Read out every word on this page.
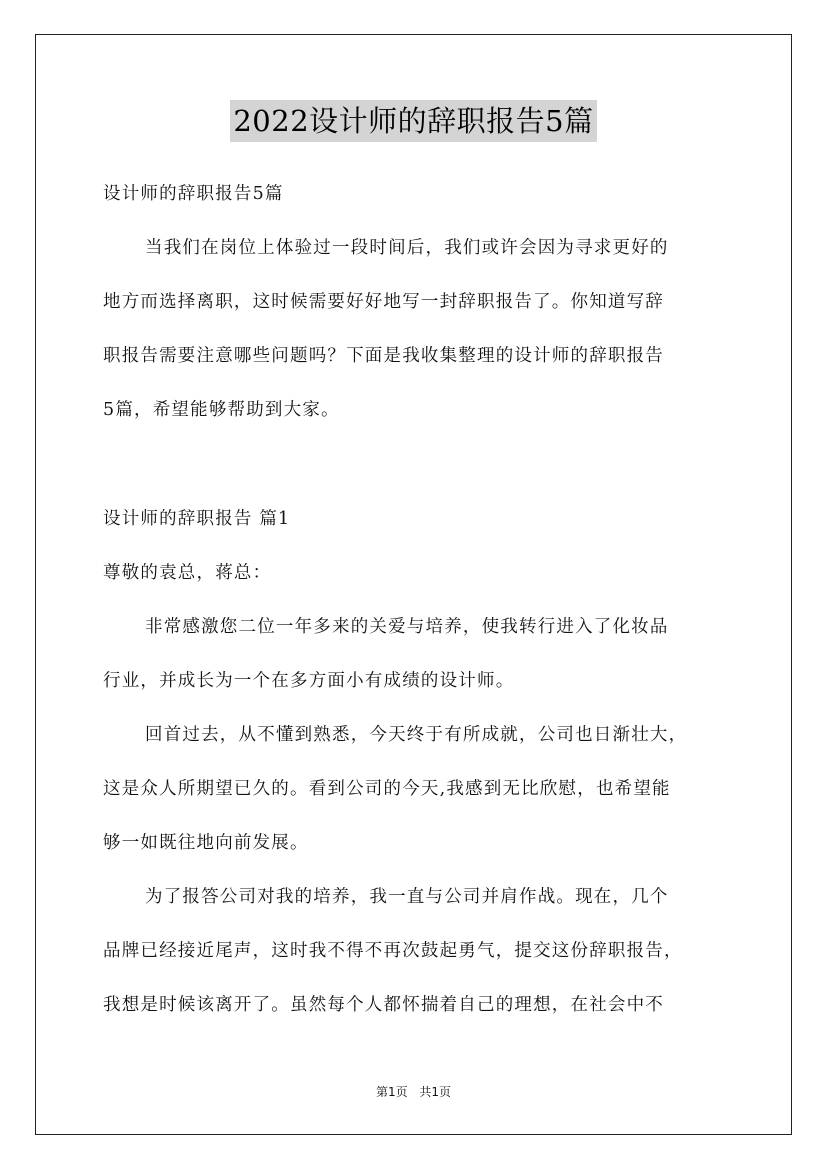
2022设计师的辞职报告5篇
设计师的辞职报告5篇
当我们在岗位上体验过一段时间后，我们或许会因为寻求更好的
地方而选择离职，这时候需要好好地写一封辞职报告了。你知道写辞
职报告需要注意哪些问题吗？下面是我收集整理的设计师的辞职报告
5篇，希望能够帮助到大家。
设计师的辞职报告 篇1
尊敬的袁总，蒋总：
非常感激您二位一年多来的关爱与培养，使我转行进入了化妆品
行业，并成长为一个在多方面小有成绩的设计师。
回首过去，从不懂到熟悉，今天终于有所成就，公司也日渐壮大，
这是众人所期望已久的。看到公司的今天,我感到无比欣慰，也希望能
够一如既往地向前发展。
为了报答公司对我的培养，我一直与公司并肩作战。现在，几个
品牌已经接近尾声，这时我不得不再次鼓起勇气，提交这份辞职报告，
我想是时候该离开了。虽然每个人都怀揣着自己的理想，在社会中不
第1页 共1页
